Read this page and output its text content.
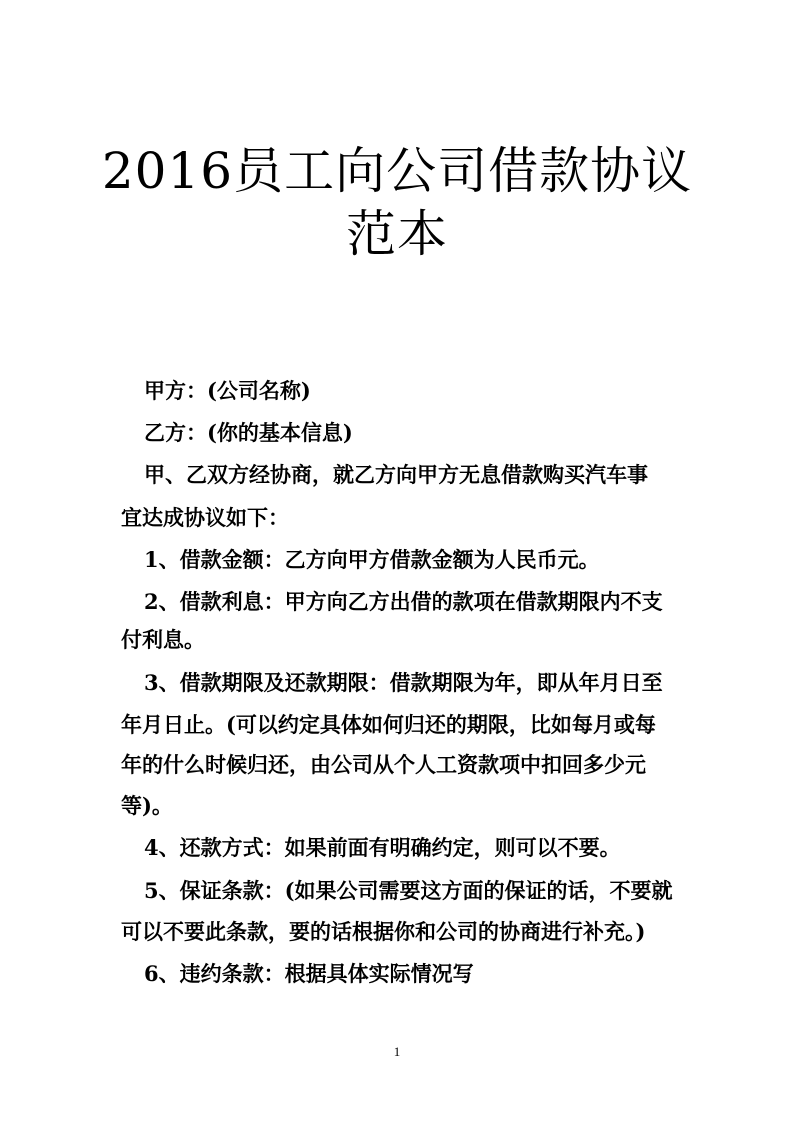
2016员工向公司借款协议
范本
甲方：(公司名称)
乙方：(你的基本信息)
甲、乙双方经协商，就乙方向甲方无息借款购买汽车事
宜达成协议如下：
1、借款金额：乙方向甲方借款金额为人民币元。
2、借款利息：甲方向乙方出借的款项在借款期限内不支
付利息。
3、借款期限及还款期限：借款期限为年，即从年月日至
年月日止。(可以约定具体如何归还的期限，比如每月或每
年的什么时候归还，由公司从个人工资款项中扣回多少元
等)。
4、还款方式：如果前面有明确约定，则可以不要。
5、保证条款：(如果公司需要这方面的保证的话，不要就
可以不要此条款，要的话根据你和公司的协商进行补充。)
6、违约条款：根据具体实际情况写
1
